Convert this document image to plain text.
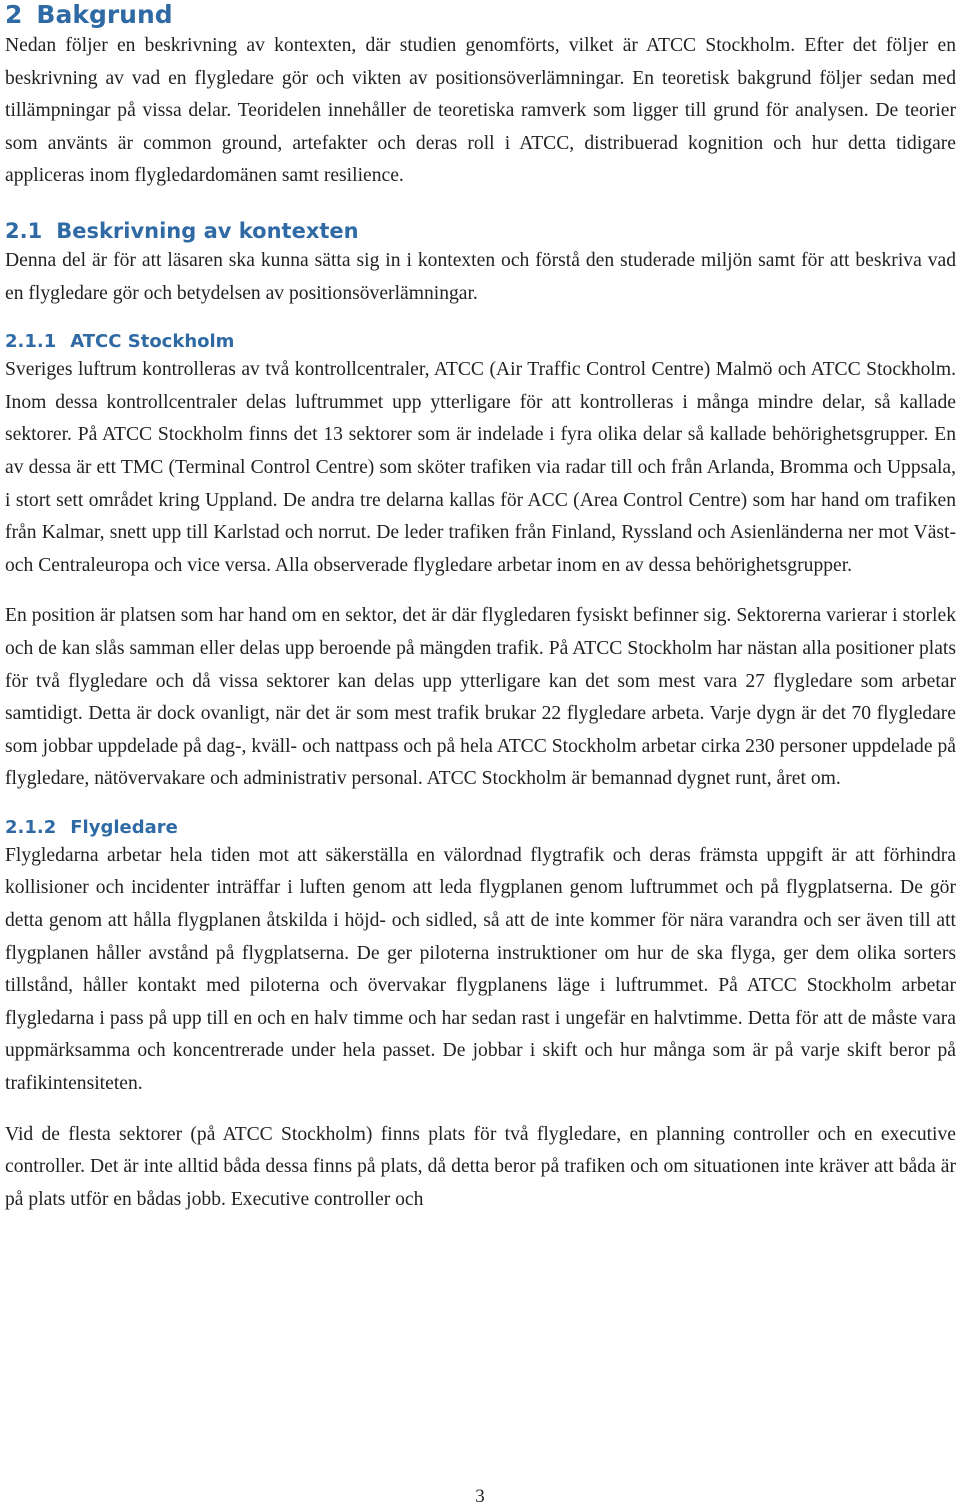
2 Bakgrund

Nedan följer en beskrivning av kontexten, där studien genomförts, vilket är ATCC Stockholm. Efter det följer en beskrivning av vad en flygledare gör och vikten av positionsöverlämningar. En teoretisk bakgrund följer sedan med tillämpningar på vissa delar. Teoridelen innehåller de teoretiska ramverk som ligger till grund för analysen. De teorier som använts är common ground, artefakter och deras roll i ATCC, distribuerad kognition och hur detta tidigare appliceras inom flygledardomänen samt resilience.

2.1 Beskrivning av kontexten

Denna del är för att läsaren ska kunna sätta sig in i kontexten och förstå den studerade miljön samt för att beskriva vad en flygledare gör och betydelsen av positionsöverlämningar.

2.1.1 ATCC Stockholm

Sveriges luftrum kontrolleras av två kontrollcentraler, ATCC (Air Traffic Control Centre) Malmö och ATCC Stockholm. Inom dessa kontrollcentraler delas luftrummet upp ytterligare för att kontrolleras i många mindre delar, så kallade sektorer. På ATCC Stockholm finns det 13 sektorer som är indelade i fyra olika delar så kallade behörighetsgrupper. En av dessa är ett TMC (Terminal Control Centre) som sköter trafiken via radar till och från Arlanda, Bromma och Uppsala, i stort sett området kring Uppland. De andra tre delarna kallas för ACC (Area Control Centre) som har hand om trafiken från Kalmar, snett upp till Karlstad och norrut. De leder trafiken från Finland, Ryssland och Asienländerna ner mot Väst- och Centraleuropa och vice versa. Alla observerade flygledare arbetar inom en av dessa behörighetsgrupper.

En position är platsen som har hand om en sektor, det är där flygledaren fysiskt befinner sig. Sektorerna varierar i storlek och de kan slås samman eller delas upp beroende på mängden trafik. På ATCC Stockholm har nästan alla positioner plats för två flygledare och då vissa sektorer kan delas upp ytterligare kan det som mest vara 27 flygledare som arbetar samtidigt. Detta är dock ovanligt, när det är som mest trafik brukar 22 flygledare arbeta. Varje dygn är det 70 flygledare som jobbar uppdelade på dag-, kväll- och nattpass och på hela ATCC Stockholm arbetar cirka 230 personer uppdelade på flygledare, nätövervakare och administrativ personal. ATCC Stockholm är bemannad dygnet runt, året om.

2.1.2 Flygledare

Flygledarna arbetar hela tiden mot att säkerställa en välordnad flygtrafik och deras främsta uppgift är att förhindra kollisioner och incidenter inträffar i luften genom att leda flygplanen genom luftrummet och på flygplatserna. De gör detta genom att hålla flygplanen åtskilda i höjd- och sidled, så att de inte kommer för nära varandra och ser även till att flygplanen håller avstånd på flygplatserna. De ger piloterna instruktioner om hur de ska flyga, ger dem olika sorters tillstånd, håller kontakt med piloterna och övervakar flygplanens läge i luftrummet. På ATCC Stockholm arbetar flygledarna i pass på upp till en och en halv timme och har sedan rast i ungefär en halvtimme. Detta för att de måste vara uppmärksamma och koncentrerade under hela passet. De jobbar i skift och hur många som är på varje skift beror på trafikintensiteten.

Vid de flesta sektorer (på ATCC Stockholm) finns plats för två flygledare, en planning controller och en executive controller. Det är inte alltid båda dessa finns på plats, då detta beror på trafiken och om situationen inte kräver att båda är på plats utför en bådas jobb. Executive controller och

3
